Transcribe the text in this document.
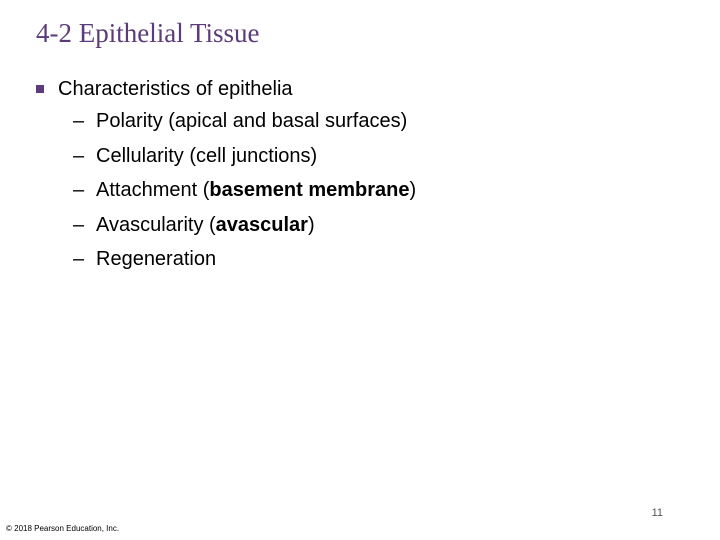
4-2 Epithelial Tissue
Characteristics of epithelia
– Polarity (apical and basal surfaces)
– Cellularity (cell junctions)
– Attachment (basement membrane)
– Avascularity (avascular)
– Regeneration
11
© 2018 Pearson Education, Inc.
